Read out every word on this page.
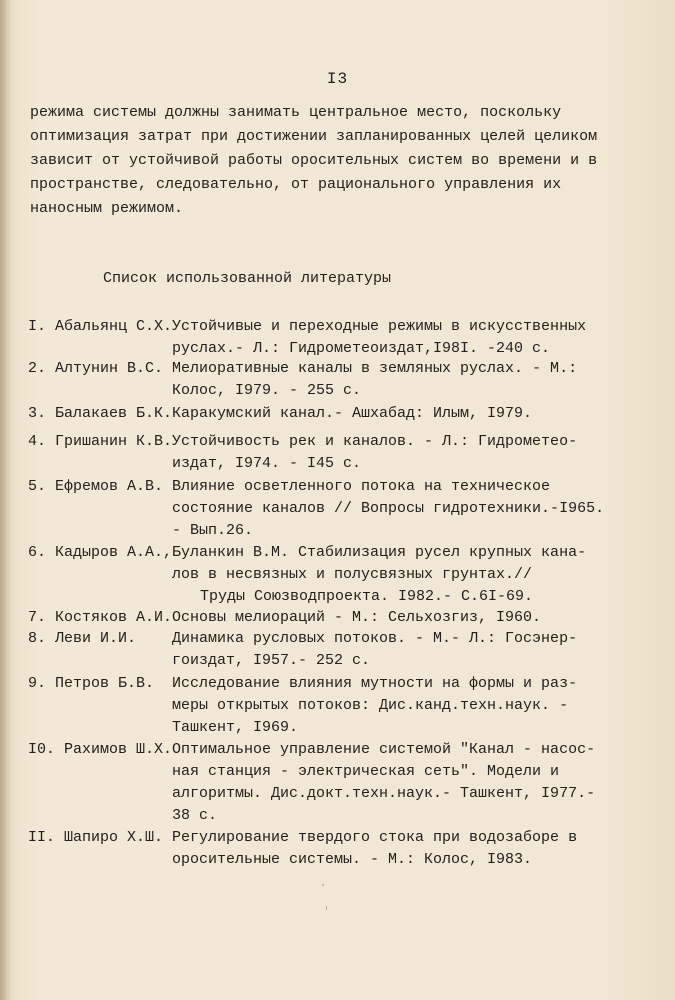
I3
режима системы должны занимать центральное место, поскольку
оптимизация затрат при достижении запланированных целей целиком
зависит от устойчивой работы оросительных систем во времени и в
пространстве, следовательно, от рационального управления их
наносным режимом.
Список использованной литературы
I. Абальянц С.Х. Устойчивые и переходные режимы в искусственных
руслах.- Л.: Гидрометеоиздат,I98I. -240 с.
2. Алтунин В.С. Мелиоративные каналы в земляных руслах. - М.:
Колос, I979. - 255 с.
3. Балакаев Б.К. Каракумский канал.- Ашхабад: Илым, I979.
4. Гришанин К.В. Устойчивость рек и каналов. - Л.: Гидрометео-
издат, I974. - I45 с.
5. Ефремов А.В. Влияние осветленного потока на техническое
состояние каналов // Вопросы гидротехники.-I965.
- Вып.26.
6. Кадыров А.А., Буланкин В.М. Стабилизация русел крупных кана-
лов в несвязных и полусвязных грунтах.//
Труды Союзводпроекта. I982.- С.6I-69.
7. Костяков А.И. Основы мелиораций - М.: Сельхозгиз, I960.
8. Леви И.И. Динамика русловых потоков. - М.- Л.: Госэнер-
гоиздат, I957.- 252 с.
9. Петров Б.В. Исследование влияния мутности на формы и раз-
меры открытых потоков: Дис.канд.техн.наук. -
Ташкент, I969.
I0. Рахимов Ш.Х. Оптимальное управление системой "Канал - насос-
ная станция - электрическая сеть". Модели и
алгоритмы. Дис.докт.техн.наук.- Ташкент, I977.-
38 с.
II. Шапиро Х.Ш. Регулирование твердого стока при водозаборе в
оросительные системы. - М.: Колос, I983.
